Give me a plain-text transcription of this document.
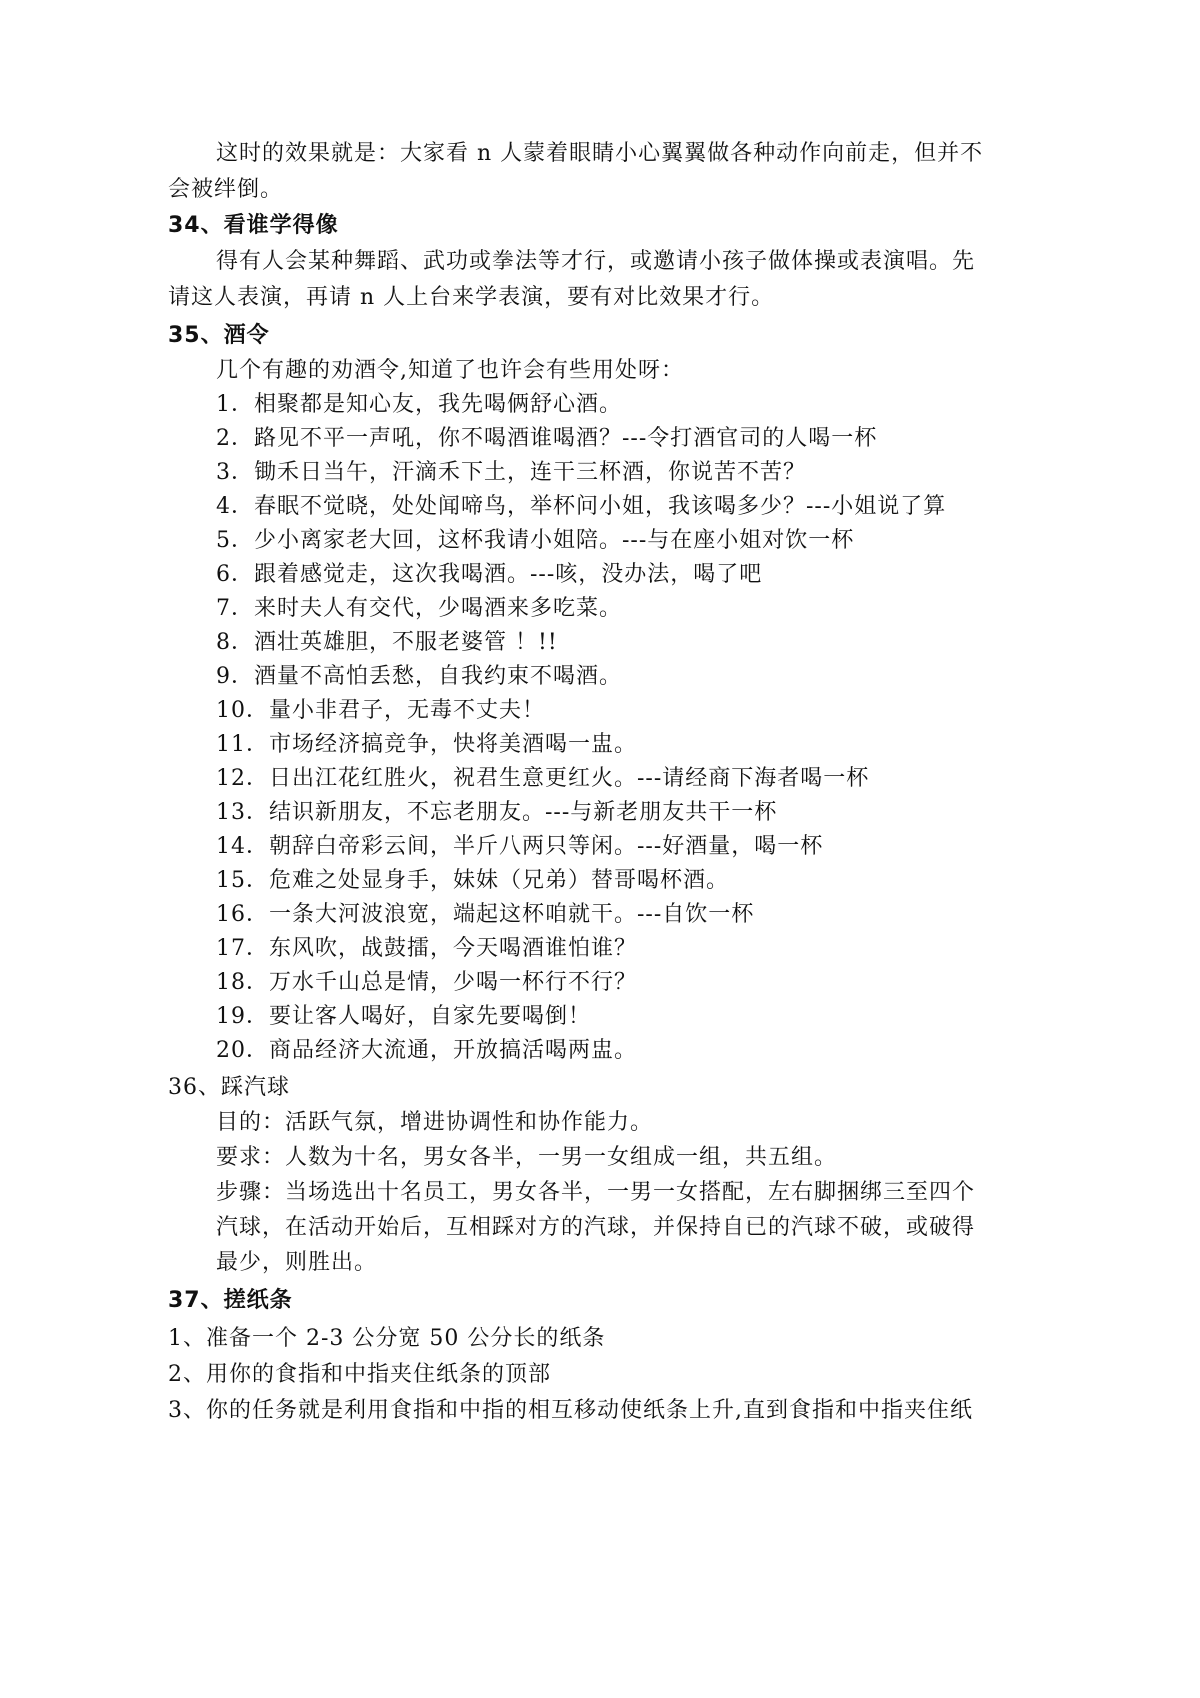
这时的效果就是：大家看 n 人蒙着眼睛小心翼翼做各种动作向前走，但并不
会被绊倒。
34、看谁学得像
得有人会某种舞蹈、武功或拳法等才行，或邀请小孩子做体操或表演唱。先
请这人表演，再请 n 人上台来学表演，要有对比效果才行。
35、酒令
几个有趣的劝酒令,知道了也许会有些用处呀：
1．相聚都是知心友，我先喝俩舒心酒。
2．路见不平一声吼，你不喝酒谁喝酒？---令打酒官司的人喝一杯
3．锄禾日当午，汗滴禾下土，连干三杯酒，你说苦不苦？
4．春眠不觉晓，处处闻啼鸟，举杯问小姐，我该喝多少？---小姐说了算
5．少小离家老大回，这杯我请小姐陪。---与在座小姐对饮一杯
6．跟着感觉走，这次我喝酒。---咳，没办法，喝了吧
7．来时夫人有交代，少喝酒来多吃菜。
8．酒壮英雄胆，不服老婆管 ！!!
9．酒量不高怕丢愁，自我约束不喝酒。
10．量小非君子，无毒不丈夫！
11．市场经济搞竞争，快将美酒喝一盅。
12．日出江花红胜火，祝君生意更红火。---请经商下海者喝一杯
13．结识新朋友，不忘老朋友。---与新老朋友共干一杯
14．朝辞白帝彩云间，半斤八两只等闲。---好酒量，喝一杯
15．危难之处显身手，妹妹（兄弟）替哥喝杯酒。
16．一条大河波浪宽，端起这杯咱就干。---自饮一杯
17．东风吹，战鼓擂，今天喝酒谁怕谁？
18．万水千山总是情，少喝一杯行不行？
19．要让客人喝好，自家先要喝倒！
20．商品经济大流通，开放搞活喝两盅。
36、踩汽球
目的：活跃气氛，增进协调性和协作能力。
要求：人数为十名，男女各半，一男一女组成一组，共五组。
步骤：当场选出十名员工，男女各半，一男一女搭配，左右脚捆绑三至四个
汽球，在活动开始后，互相踩对方的汽球，并保持自已的汽球不破，或破得
最少，则胜出。
37、搓纸条
1、准备一个 2-3 公分宽 50 公分长的纸条
2、用你的食指和中指夹住纸条的顶部
3、你的任务就是利用食指和中指的相互移动使纸条上升,直到食指和中指夹住纸
